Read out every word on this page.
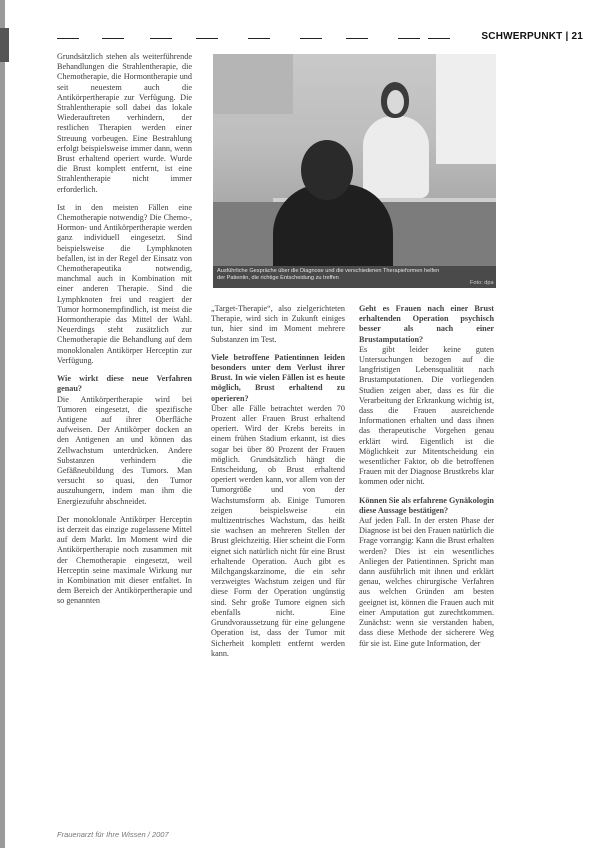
SCHWERPUNKT | 21

Grundsätzlich stehen als weiterführende Behandlungen die Strahlentherapie, die Chemotherapie, die Hormontherapie und seit neuestem auch die Antikörpertherapie zur Verfügung. Die Strahlentherapie soll dabei das lokale Wiederauftreten verhindern, der restlichen Therapien werden einer Streuung vorbeugen. Eine Bestrahlung erfolgt beispielsweise immer dann, wenn Brust erhaltend operiert wurde. Wurde die Brust komplett entfernt, ist eine Strahlentherapie nicht immer erforderlich.

Ist in den meisten Fällen eine Chemotherapie notwendig? Die Chemo-, Hormon- und Antikörpertherapie werden ganz individuell eingesetzt. Sind beispielsweise die Lymphknoten befallen, ist in der Regel der Einsatz von Chemotherapeutika notwendig, manchmal auch in Kombination mit einer anderen Therapie. Sind die Lymphknoten frei und reagiert der Tumor hormonempfindlich, ist meist die Hormontherapie das Mittel der Wahl. Neuerdings steht zusätzlich zur Chemotherapie die Behandlung auf dem monoklonalen Antikörper Herceptin zur Verfügung.

Wie wirkt diese neue Verfahren genau?

Die Antikörpertherapie wird bei Tumoren eingesetzt, die spezifische Antigene auf ihrer Oberfläche aufweisen. Der Antikörper docken an den Antigenen an und können das Zellwachstum unterdrücken. Andere Substanzen verhindern die Gefäßneubildung des Tumors. Man versucht so quasi, den Tumor auszuhungern, indem man ihm die Energiezufuhr abschneidet.

Der monoklonale Antikörper Herceptin ist derzeit das einzige zugelassene Mittel auf dem Markt. Im Moment wird die Antikörpertherapie noch zusammen mit der Chemotherapie eingesetzt, weil Herceptin seine maximale Wirkung nur in Kombination mit dieser entfaltet. In dem Bereich der Antikörpertherapie und so genannten

Ausführliche Gespräche über die Diagnose und die verschiedenen Therapieformen helfen der Patientin, die richtige Entscheidung zu treffen
Foto: dpa

„Target-Therapie“, also zielgerichteten Therapie, wird sich in Zukunft einiges tun, hier sind im Moment mehrere Substanzen im Test.

Viele betroffene Patientinnen leiden besonders unter dem Verlust ihrer Brust. In wie vielen Fällen ist es heute möglich, Brust erhaltend zu operieren?

Über alle Fälle betrachtet werden 70 Prozent aller Frauen Brust erhaltend operiert. Wird der Krebs bereits in einem frühen Stadium erkannt, ist dies sogar bei über 80 Prozent der Frauen möglich. Grundsätzlich hängt die Entscheidung, ob Brust erhaltend operiert werden kann, vor allem von der Tumorgröße und von der Wachstumsform ab. Einige Tumoren zeigen beispielsweise ein multizentrisches Wachstum, das heißt sie wachsen an mehreren Stellen der Brust gleichzeitig. Hier scheint die Form eignet sich natürlich nicht für eine Brust erhaltende Operation. Auch gibt es Milchgangskarzinome, die ein sehr verzweigtes Wachstum zeigen und für diese Form der Operation ungünstig sind. Sehr große Tumore eignen sich ebenfalls nicht. Eine Grundvoraussetzung für eine gelungene Operation ist, dass der Tumor mit Sicherheit komplett entfernt werden kann.

Geht es Frauen nach einer Brust erhaltenden Operation psychisch besser als nach einer Brustamputation?

Es gibt leider keine guten Untersuchungen bezogen auf die langfristigen Lebensqualität nach Brustamputationen. Die vorliegenden Studien zeigen aber, dass es für die Verarbeitung der Erkrankung wichtig ist, dass die Frauen ausreichende Informationen erhalten und dass ihnen das therapeutische Vorgehen genau erklärt wird. Eigentlich ist die Möglichkeit zur Mitentscheidung ein wesentlicher Faktor, ob die betroffenen Frauen mit der Diagnose Brustkrebs klar kommen oder nicht.

Können Sie als erfahrene Gynäkologin diese Aussage bestätigen?

Auf jeden Fall. In der ersten Phase der Diagnose ist bei den Frauen natürlich die Frage vorrangig: Kann die Brust erhalten werden? Dies ist ein wesentliches Anliegen der Patientinnen. Spricht man dann ausführlich mit ihnen und erklärt genau, welches chirurgische Verfahren aus welchen Gründen am besten geeignet ist, können die Frauen auch mit einer Amputation gut zurechtkommen. Zunächst: wenn sie verstanden haben, dass diese Methode der sicherere Weg für sie ist. Eine gute Information, der

Frauenarzt für Ihre Wissen / 2007
